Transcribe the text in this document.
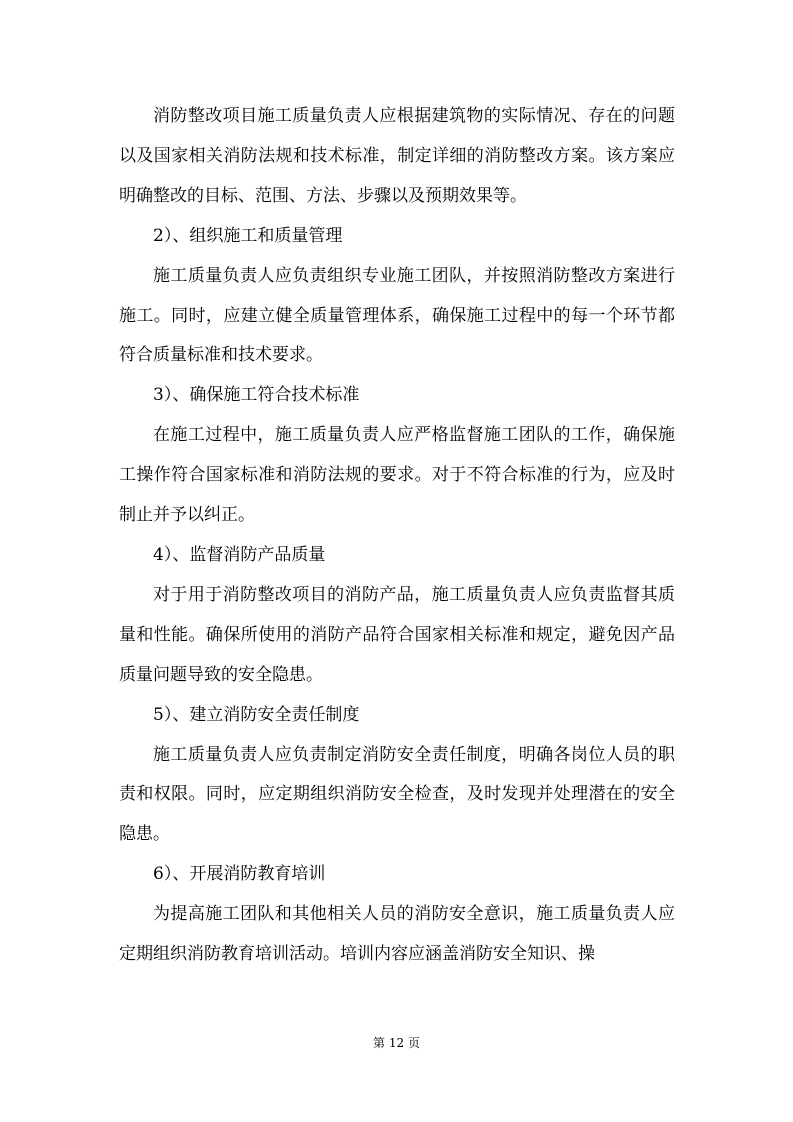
消防整改项目施工质量负责人应根据建筑物的实际情况、存在的问题以及国家相关消防法规和技术标准，制定详细的消防整改方案。该方案应明确整改的目标、范围、方法、步骤以及预期效果等。

2）、组织施工和质量管理

施工质量负责人应负责组织专业施工团队，并按照消防整改方案进行施工。同时，应建立健全质量管理体系，确保施工过程中的每一个环节都符合质量标准和技术要求。

3）、确保施工符合技术标准

在施工过程中，施工质量负责人应严格监督施工团队的工作，确保施工操作符合国家标准和消防法规的要求。对于不符合标准的行为，应及时制止并予以纠正。

4）、监督消防产品质量

对于用于消防整改项目的消防产品，施工质量负责人应负责监督其质量和性能。确保所使用的消防产品符合国家相关标准和规定，避免因产品质量问题导致的安全隐患。

5）、建立消防安全责任制度

施工质量负责人应负责制定消防安全责任制度，明确各岗位人员的职责和权限。同时，应定期组织消防安全检查，及时发现并处理潜在的安全隐患。

6）、开展消防教育培训

为提高施工团队和其他相关人员的消防安全意识，施工质量负责人应定期组织消防教育培训活动。培训内容应涵盖消防安全知识、操

第 12 页
